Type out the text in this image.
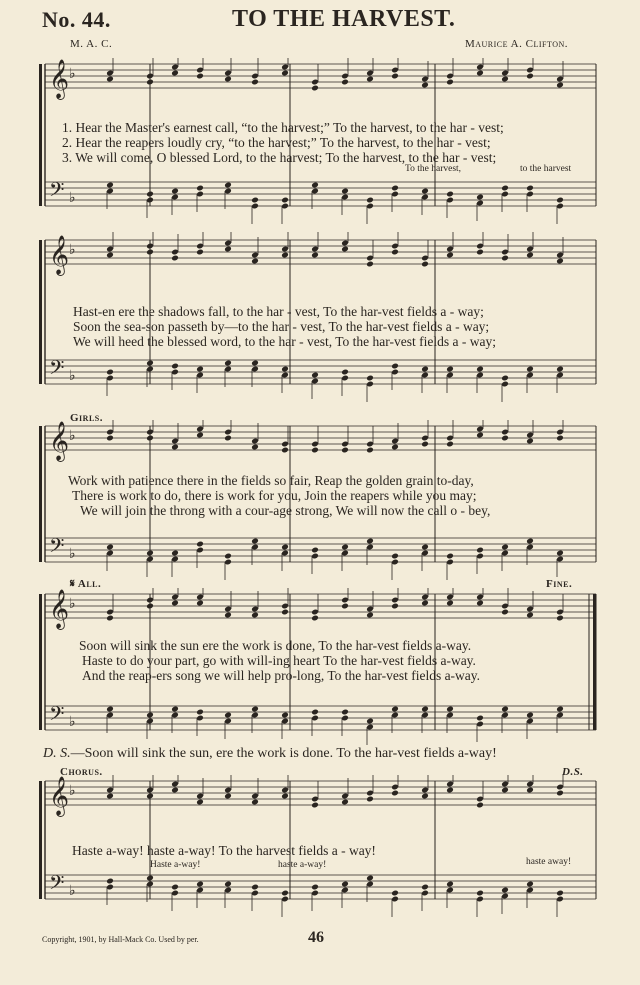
No. 44.	TO THE HARVEST.
M. A. C.	Maurice A. Clifton.
𝄞 ♭
𝄢 ♭
1. Hear the Master's earnest call, “to the harvest;” To the harvest, to the har - vest;
2. Hear the reapers loudly cry, “to the harvest;” To the harvest, to the har - vest;
3. We will come, O blessed Lord, to the harvest; To the harvest, to the har - vest;
To the harvest,	to the harvest
𝄞 ♭
𝄢 ♭
Hast-en ere the shadows fall, to the har - vest, To the har-vest fields a - way;
Soon the sea-son passeth by—to the har - vest, To the har-vest fields a - way;
We will heed the blessed word, to the har - vest, To the har-vest fields a - way;
Girls.
𝄞 ♭
𝄢 ♭
Work with patience there in the fields so fair, Reap the golden grain to-day,
There is work to do, there is work for you, Join the reapers while you may;
We will join the throng with a cour-age strong, We will now the call o - bey,
𝄋 All.	Fine.
𝄞 ♭
𝄢 ♭
Soon will sink the sun ere the work is done, To the har-vest fields a-way.
Haste to do your part, go with will-ing heart To the har-vest fields a-way.
And the reap-ers song we will help pro-long, To the har-vest fields a-way.
D. S.—Soon will sink the sun, ere the work is done. To the har-vest fields a-way!
Chorus.	D.S.
𝄞 ♭
𝄢 ♭
Haste a-way! haste a-way! To the harvest fields a - way!
Haste a-way!	haste a-way!	haste away!
Copyright, 1901, by Hall-Mack Co. Used by per.	46
